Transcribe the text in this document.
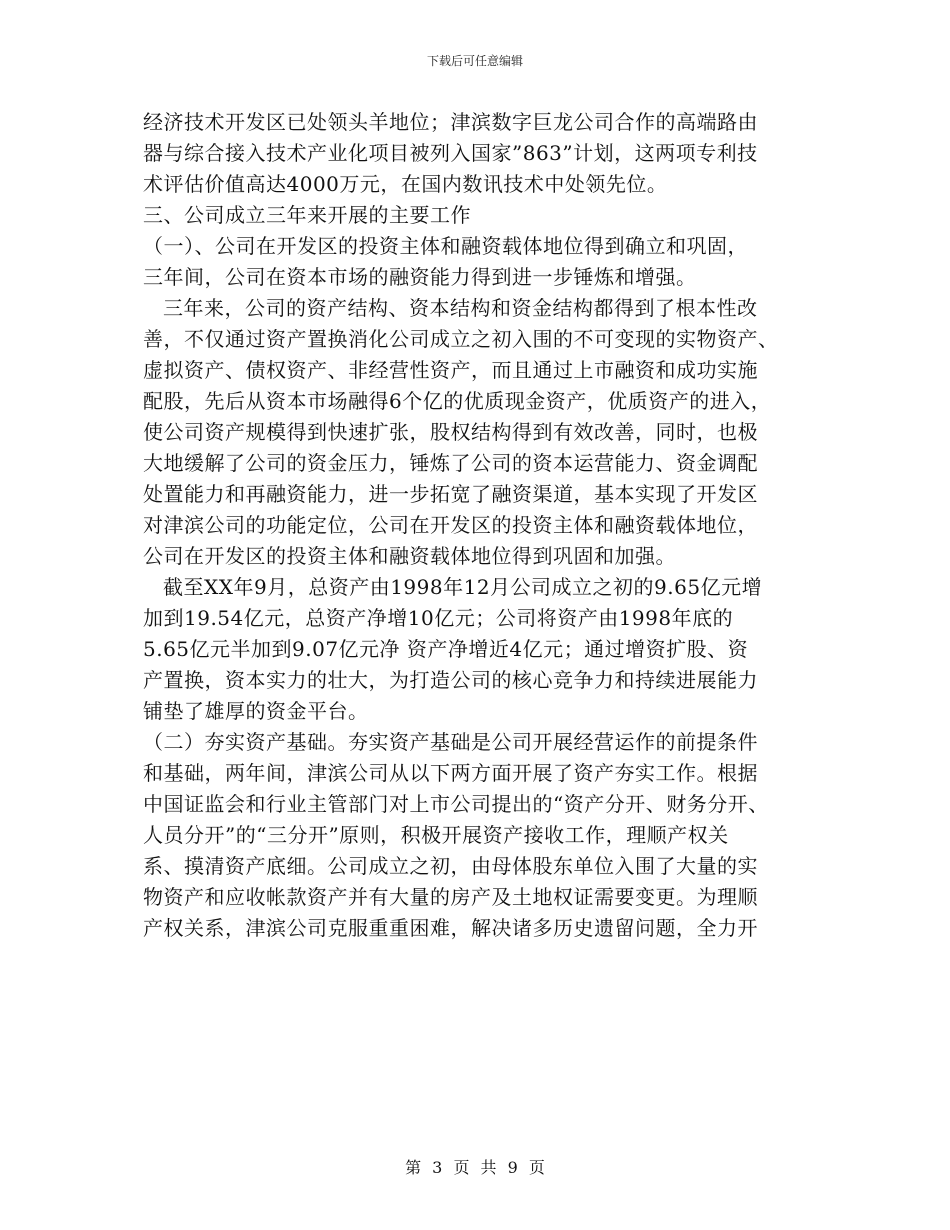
下载后可任意编辑
经济技术开发区已处领头羊地位；津滨数字巨龙公司合作的高端路由
器与综合接入技术产业化项目被列入国家”863”计划，这两项专利技
术评估价值高达4000万元，在国内数讯技术中处领先位。
三、公司成立三年来开展的主要工作
（一）、公司在开发区的投资主体和融资载体地位得到确立和巩固，
三年间，公司在资本市场的融资能力得到进一步锤炼和增强。
三年来，公司的资产结构、资本结构和资金结构都得到了根本性改
善，不仅通过资产置换消化公司成立之初入围的不可变现的实物资产、
虚拟资产、债权资产、非经营性资产，而且通过上市融资和成功实施
配股，先后从资本市场融得6个亿的优质现金资产，优质资产的进入，
使公司资产规模得到快速扩张，股权结构得到有效改善，同时，也极
大地缓解了公司的资金压力，锤炼了公司的资本运营能力、资金调配
处置能力和再融资能力，进一步拓宽了融资渠道，基本实现了开发区
对津滨公司的功能定位，公司在开发区的投资主体和融资载体地位，
公司在开发区的投资主体和融资载体地位得到巩固和加强。
截至XX年9月，总资产由1998年12月公司成立之初的9.65亿元增
加到19.54亿元，总资产净增10亿元；公司将资产由1998年底的
5.65亿元半加到9.07亿元净 资产净增近4亿元；通过增资扩股、资
产置换，资本实力的壮大，为打造公司的核心竞争力和持续进展能力
铺垫了雄厚的资金平台。
（二）夯实资产基础。夯实资产基础是公司开展经营运作的前提条件
和基础，两年间，津滨公司从以下两方面开展了资产夯实工作。根据
中国证监会和行业主管部门对上市公司提出的“资产分开、财务分开、
人员分开”的“三分开”原则，积极开展资产接收工作，理顺产权关
系、摸清资产底细。公司成立之初，由母体股东单位入围了大量的实
物资产和应收帐款资产并有大量的房产及土地权证需要变更。为理顺
产权关系，津滨公司克服重重困难，解决诸多历史遗留问题，全力开
第 3 页 共 9 页
